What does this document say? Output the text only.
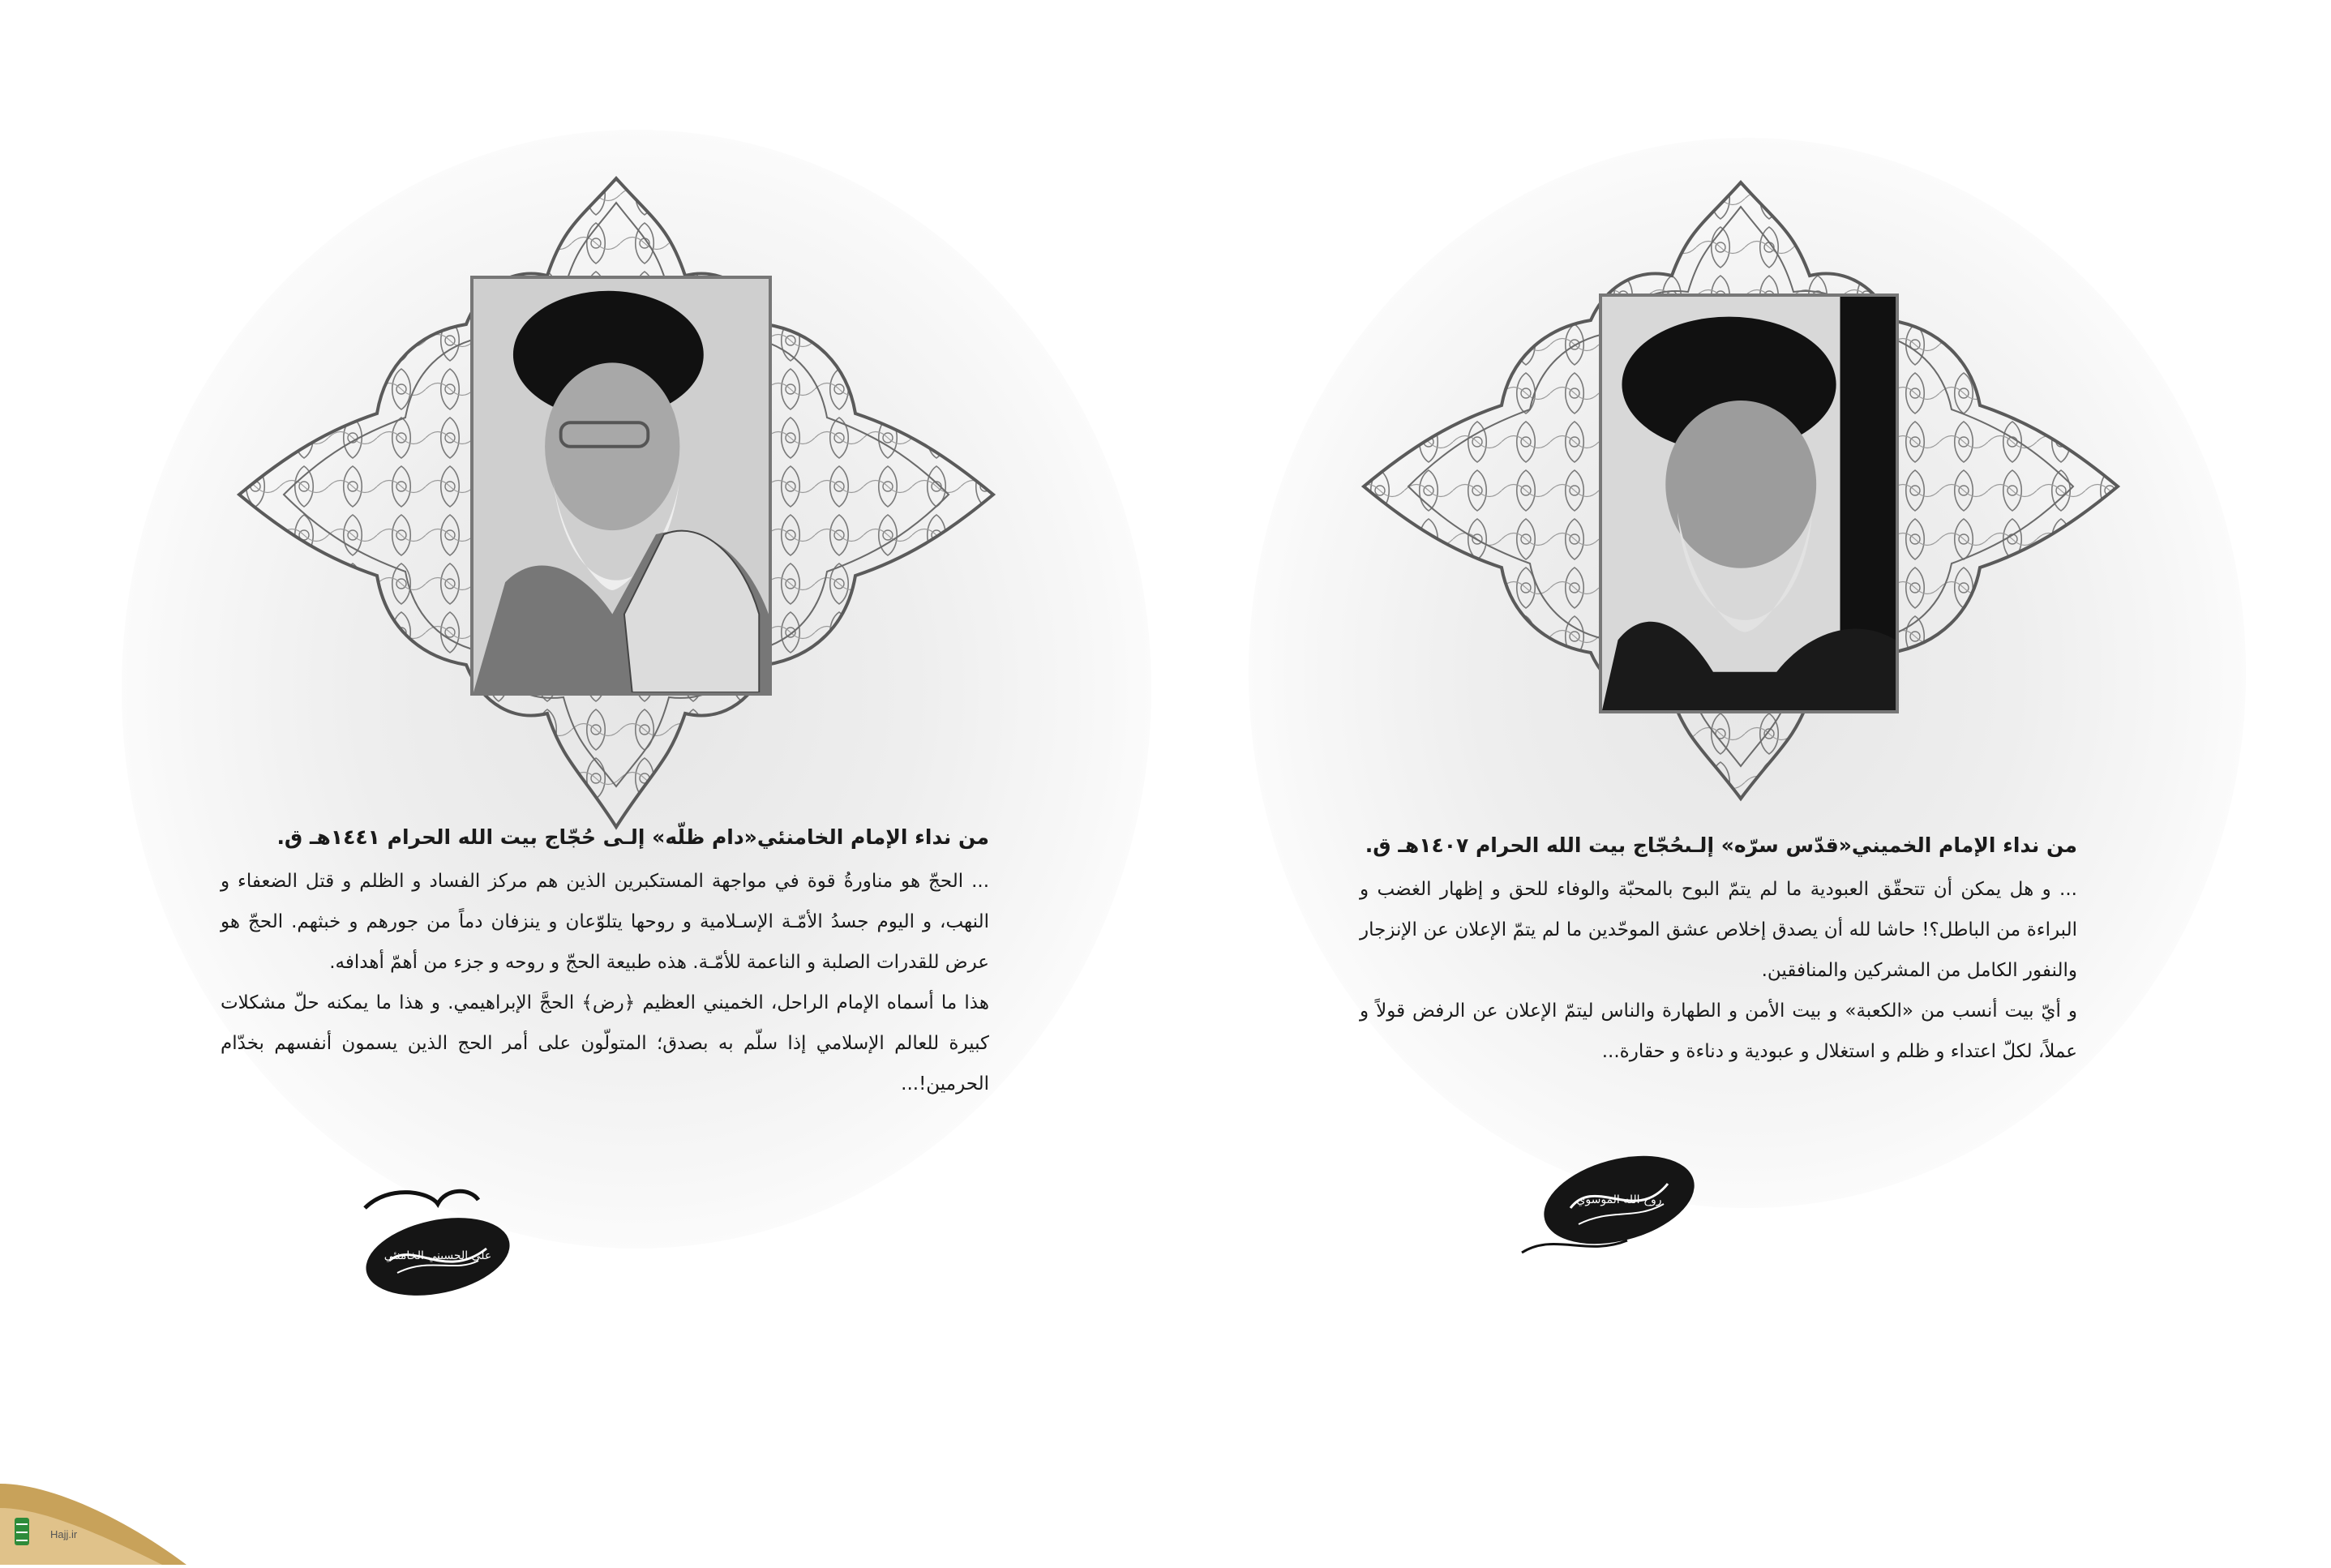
من نداء الإمام الخامنئي«دام ظلّه» إلـى حُجّاج بيت الله الحرام ١٤٤١هـ ق.

... الحجّ هو مناورةُ قوة في مواجهة المستكبرين الذين هم مركز الفساد و الظلم و قتل الضعفاء و النهب، و اليوم جسدُ الأمّـة الإسـلامية و روحها يتلوّعان و ينزفان دماً من جورهم و خبثهم. الحجّ هو عرض للقدرات الصلبة و الناعمة للأمّـة. هذه طبيعة الحجّ و روحه و جزء من أهمّ أهدافه.

هذا ما أسماه الإمام الراحل، الخميني العظيم ﴿رض﴾ الحجَّ الإبراهيمي. و هذا ما يمكنه حلّ مشكلات كبيرة للعالم الإسلامي إذا سلّم به بصدق؛ المتولّون على أمر الحج الذين يسمون أنفسهم بخدّام الحرمين!...

علي الحسيني الخامنئي
من نداء الإمام الخميني«قدّس سرّه» إلـىحُجّاج بيت الله الحرام ١٤٠٧هـ ق.

... و هل يمكن أن تتحقّق العبودية ما لم يتمّ البوح بالمحبّة والوفاء للحق و إظهار الغضب و البراءة من الباطل؟! حاشا لله أن يصدق إخلاص عشق الموحّدين ما لم يتمّ الإعلان عن الإنزجار والنفور الكامل من المشركين والمنافقين.

و أيّ بيت أنسب من «الكعبة» و بيت الأمن و الطهارة والناس ليتمّ الإعلان عن الرفض قولاً و عملاً، لكلّ اعتداء و ظلم و استغلال و عبودية و دناءة و حقارة...

روح الله الموسوي
Hajj.ir
